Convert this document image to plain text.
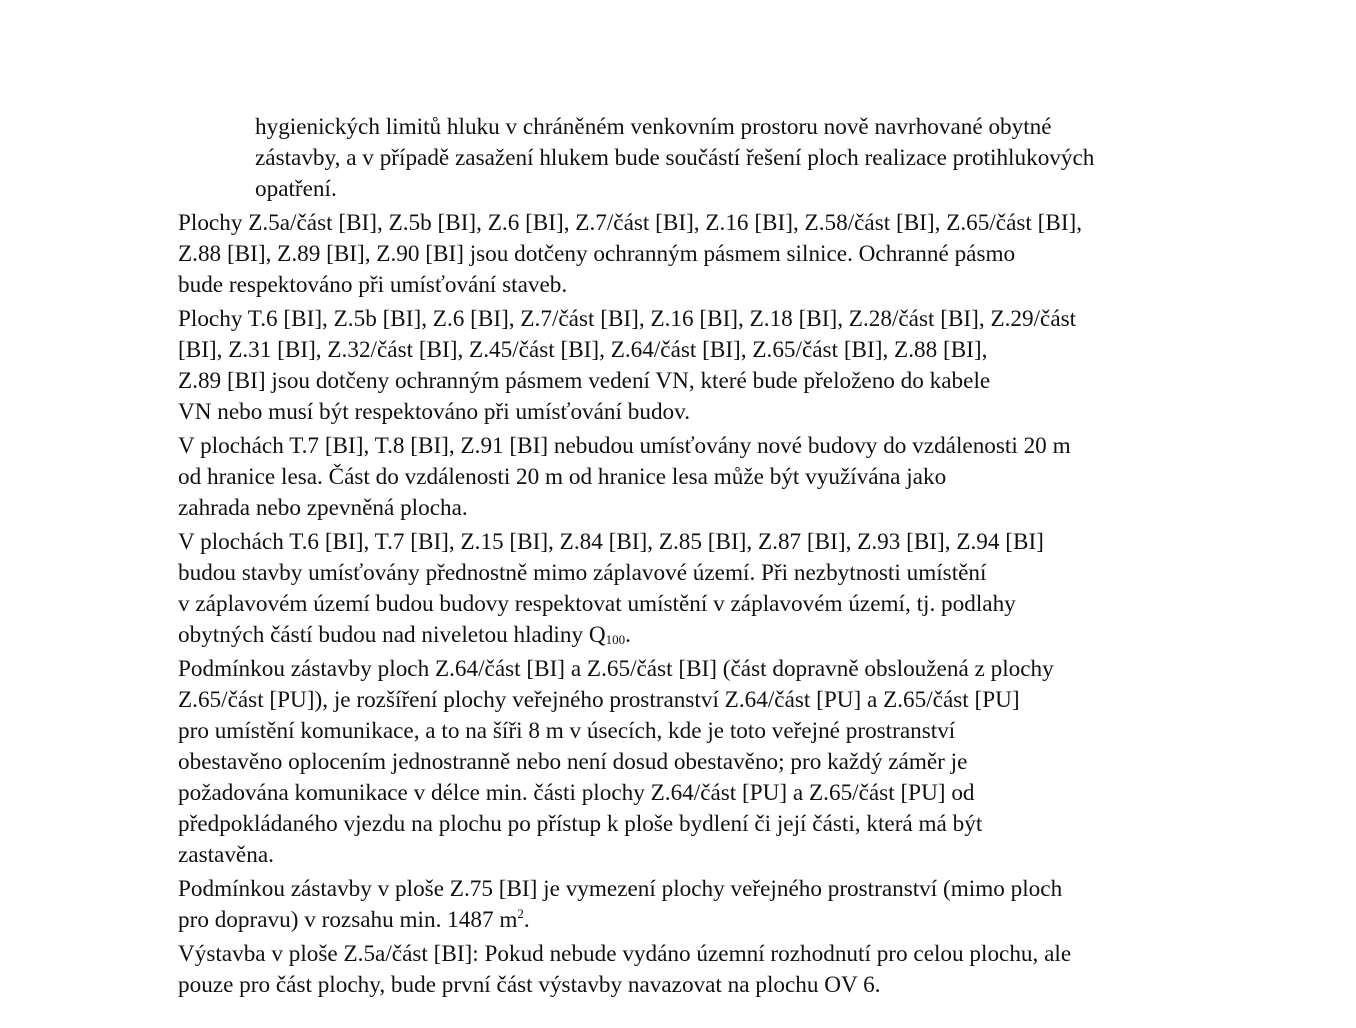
hygienických limitů hluku v chráněném venkovním prostoru nově navrhované obytné
zástavby, a v případě zasažení hlukem bude součástí řešení ploch realizace protihlukových
opatření.
Plochy Z.5a/část [BI], Z.5b [BI], Z.6 [BI], Z.7/část [BI], Z.16 [BI], Z.58/část [BI], Z.65/část [BI],
Z.88 [BI], Z.89 [BI], Z.90 [BI] jsou dotčeny ochranným pásmem silnice. Ochranné pásmo
bude respektováno při umísťování staveb.
Plochy T.6 [BI], Z.5b [BI], Z.6 [BI], Z.7/část [BI], Z.16 [BI], Z.18 [BI], Z.28/část [BI], Z.29/část
[BI], Z.31 [BI], Z.32/část [BI], Z.45/část [BI], Z.64/část [BI], Z.65/část [BI], Z.88 [BI],
Z.89 [BI] jsou dotčeny ochranným pásmem vedení VN, které bude přeloženo do kabele
VN nebo musí být respektováno při umísťování budov.
V plochách T.7 [BI], T.8 [BI], Z.91 [BI] nebudou umísťovány nové budovy do vzdálenosti 20 m
od hranice lesa. Část do vzdálenosti 20 m od hranice lesa může být využívána jako
zahrada nebo zpevněná plocha.
V plochách T.6 [BI], T.7 [BI], Z.15 [BI], Z.84 [BI], Z.85 [BI], Z.87 [BI], Z.93 [BI], Z.94 [BI]
budou stavby umísťovány přednostně mimo záplavové území. Při nezbytnosti umístění
v záplavovém území budou budovy respektovat umístění v záplavovém území, tj. podlahy
obytných částí budou nad niveletou hladiny $Q_{100}$.
Podmínkou zástavby ploch Z.64/část [BI] a Z.65/část [BI] (část dopravně obsloužená z plochy
Z.65/část [PU]), je rozšíření plochy veřejného prostranství Z.64/část [PU] a Z.65/část [PU]
pro umístění komunikace, a to na šíři 8 m v úsecích, kde je toto veřejné prostranství
obestavěno oplocením jednostranně nebo není dosud obestavěno; pro každý záměr je
požadována komunikace v délce min. části plochy Z.64/část [PU] a Z.65/část [PU] od
předpokládaného vjezdu na plochu po přístup k ploše bydlení či její části, která má být
zastavěna.
Podmínkou zástavby v ploše Z.75 [BI] je vymezení plochy veřejného prostranství (mimo ploch
pro dopravu) v rozsahu min. 1487 $m^2$.
Výstavba v ploše Z.5a/část [BI]: Pokud nebude vydáno územní rozhodnutí pro celou plochu, ale
pouze pro část plochy, bude první část výstavby navazovat na plochu OV 6.
